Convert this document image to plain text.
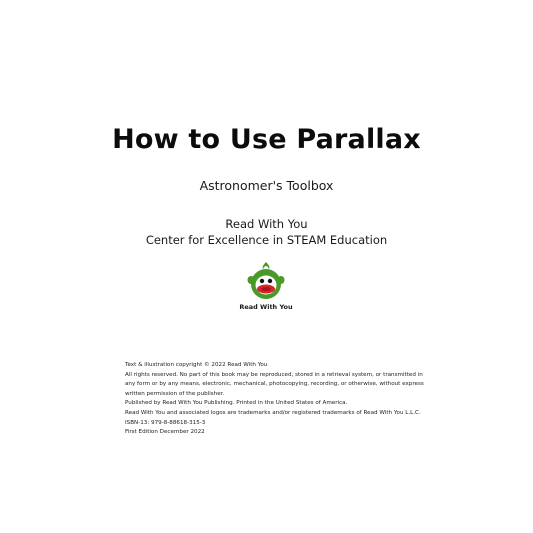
How to Use Parallax
Astronomer's Toolbox
Read With You
Center for Excellence in STEAM Education
Read With You
Text & illustration copyright © 2022 Read With You
All rights reserved. No part of this book may be reproduced, stored in a retrieval system, or transmitted in
any form or by any means, electronic, mechanical, photocopying, recording, or otherwise, without express
written permission of the publisher.
Published by Read With You Publishing. Printed in the United States of America.
Read With You and associated logos are trademarks and/or registered trademarks of Read With You L.L.C.
ISBN-13: 979-8-88618-315-3
First Edition December 2022
